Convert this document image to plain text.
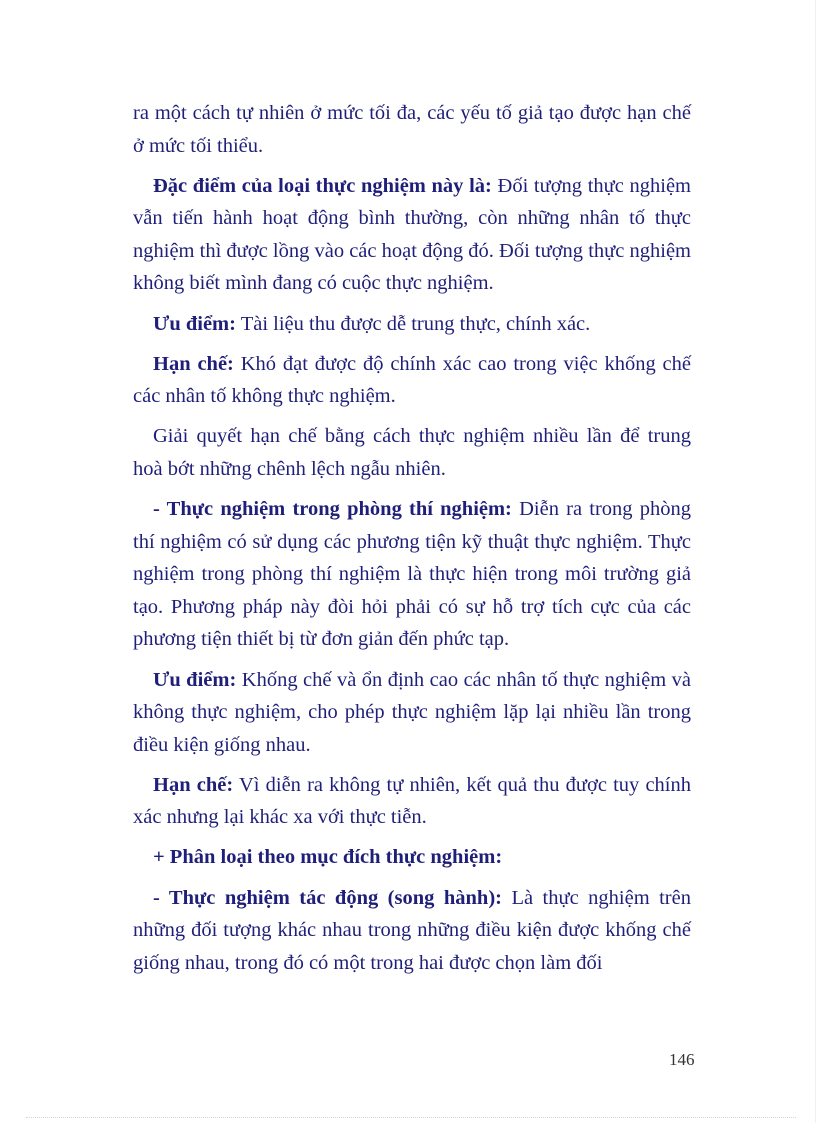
ra một cách tự nhiên ở mức tối đa, các yếu tố giả tạo được hạn chế ở mức tối thiểu.

Đặc điểm của loại thực nghiệm này là: Đối tượng thực nghiệm vẫn tiến hành hoạt động bình thường, còn những nhân tố thực nghiệm thì được lồng vào các hoạt động đó. Đối tượng thực nghiệm không biết mình đang có cuộc thực nghiệm.

Ưu điểm: Tài liệu thu được dễ trung thực, chính xác.

Hạn chế: Khó đạt được độ chính xác cao trong việc khống chế các nhân tố không thực nghiệm.

Giải quyết hạn chế bằng cách thực nghiệm nhiều lần để trung hoà bớt những chênh lệch ngẫu nhiên.

- Thực nghiệm trong phòng thí nghiệm: Diễn ra trong phòng thí nghiệm có sử dụng các phương tiện kỹ thuật thực nghiệm. Thực nghiệm trong phòng thí nghiệm là thực hiện trong môi trường giả tạo. Phương pháp này đòi hỏi phải có sự hỗ trợ tích cực của các phương tiện thiết bị từ đơn giản đến phức tạp.

Ưu điểm: Khống chế và ổn định cao các nhân tố thực nghiệm và không thực nghiệm, cho phép thực nghiệm lặp lại nhiều lần trong điều kiện giống nhau.

Hạn chế: Vì diễn ra không tự nhiên, kết quả thu được tuy chính xác nhưng lại khác xa với thực tiễn.

+ Phân loại theo mục đích thực nghiệm:

- Thực nghiệm tác động (song hành): Là thực nghiệm trên những đối tượng khác nhau trong những điều kiện được khống chế giống nhau, trong đó có một trong hai được chọn làm đối

146
